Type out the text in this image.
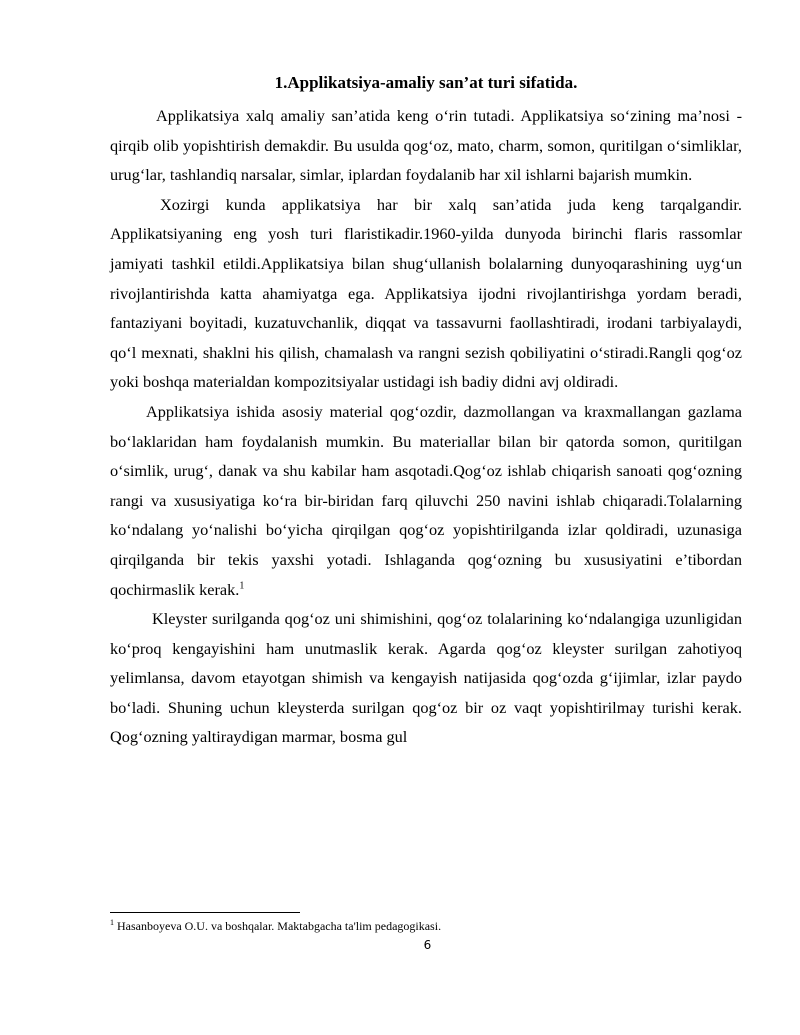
1.Applikatsiya-amaliy san’at turi sifatida.

Applikatsiya xalq amaliy san’atida keng o‘rin tutadi. Applikatsiya so‘zining ma’nosi -qirqib olib yopishtirish demakdir. Bu usulda qog‘oz, mato, charm, somon, quritilgan o‘simliklar, urug‘lar, tashlandiq narsalar, simlar, iplardan foydalanib har xil ishlarni bajarish mumkin.

Xozirgi kunda applikatsiya har bir xalq san’atida juda keng tarqalgandir. Applikatsiyaning eng yosh turi flaristikadir.1960-yilda dunyoda birinchi flaris rassomlar jamiyati tashkil etildi.Applikatsiya bilan shug‘ullanish bolalarning dunyoqarashining uyg‘un rivojlantirishda katta ahamiyatga ega. Applikatsiya ijodni rivojlantirishga yordam beradi, fantaziyani boyitadi, kuzatuvchanlik, diqqat va tassavurni faollashtiradi, irodani tarbiyalaydi, qo‘l mexnati, shaklni his qilish, chamalash va rangni sezish qobiliyatini o‘stiradi.Rangli qog‘oz yoki boshqa materialdan kompozitsiyalar ustidagi ish badiy didni avj oldiradi.

Applikatsiya ishida asosiy material qog‘ozdir, dazmollangan va kraxmallangan gazlama bo‘laklaridan ham foydalanish mumkin. Bu materiallar bilan bir qatorda somon, quritilgan o‘simlik, urug‘, danak va shu kabilar ham asqotadi.Qog‘oz ishlab chiqarish sanoati qog‘ozning rangi va xususiyatiga ko‘ra bir-biridan farq qiluvchi 250 navini ishlab chiqaradi.Tolalarning ko‘ndalang yo‘nalishi bo‘yicha qirqilgan qog‘oz yopishtirilganda izlar qoldiradi, uzunasiga qirqilganda bir tekis yaxshi yotadi. Ishlaganda qog‘ozning bu xususiyatini e’tibordan qochirmaslik kerak.$^1$

Kleyster surilganda qog‘oz uni shimishini, qog‘oz tolalarining ko‘ndalangiga uzunligidan ko‘proq kengayishini ham unutmaslik kerak. Agarda qog‘oz kleyster surilgan zahotiyoq yelimlansa, davom etayotgan shimish va kengayish natijasida qog‘ozda g‘ijimlar, izlar paydo bo‘ladi. Shuning uchun kleysterda surilgan qog‘oz bir oz vaqt yopishtirilmay turishi kerak. Qog‘ozning yaltiraydigan marmar, bosma gul

$^1$ Hasanboyeva O.U. va boshqalar. Maktabgacha ta'lim pedagogikasi.
6
